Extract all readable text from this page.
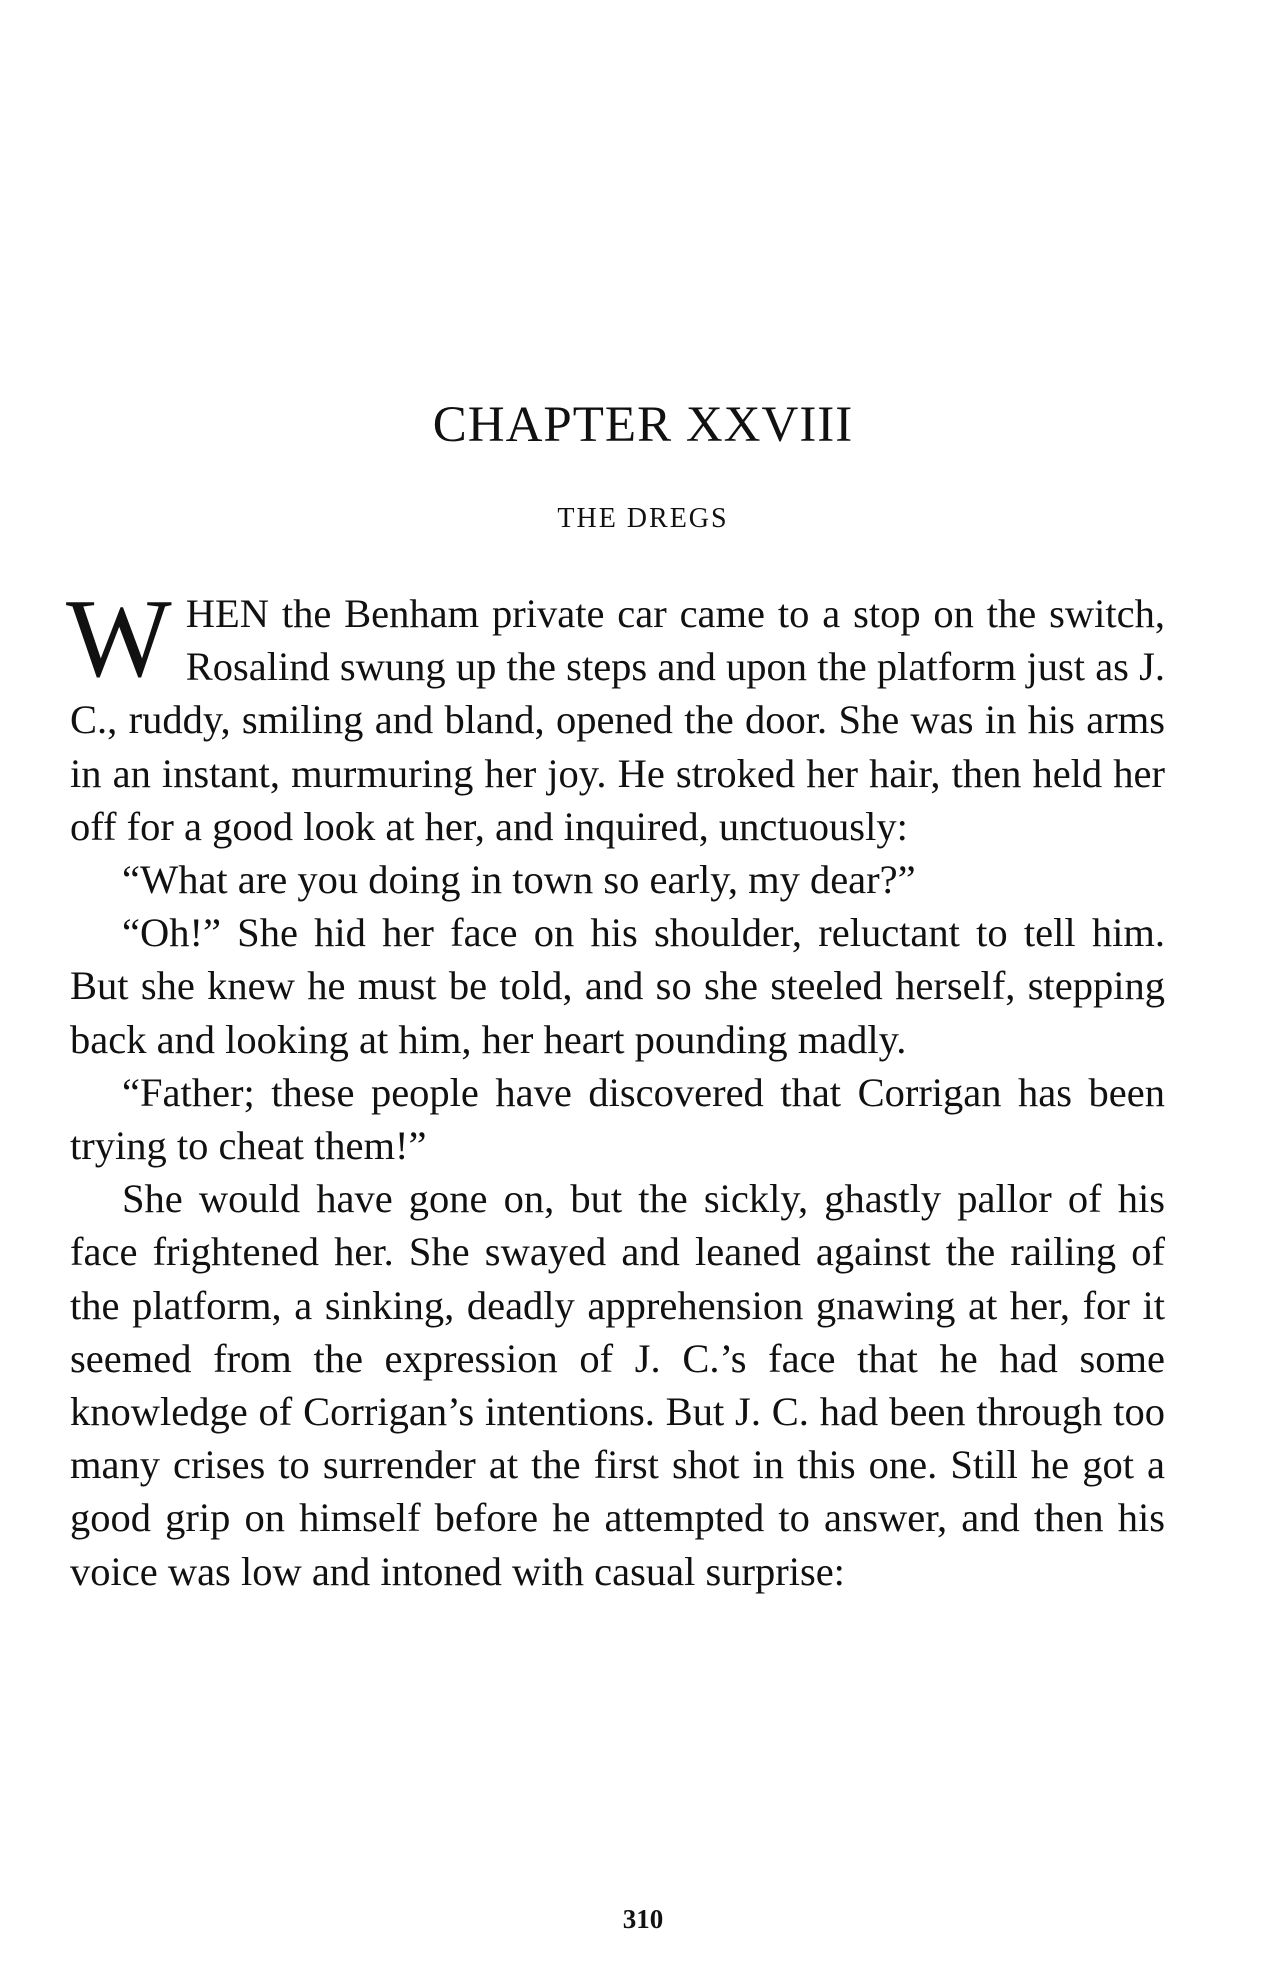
CHAPTER XXVIII
THE DREGS

WHEN the Benham private car came to a stop on the switch, Rosalind swung up the steps and upon the platform just as J. C., ruddy, smiling and bland, opened the door. She was in his arms in an instant, murmuring her joy. He stroked her hair, then held her off for a good look at her, and inquired, unctuously:

“What are you doing in town so early, my dear?”

“Oh!” She hid her face on his shoulder, reluctant to tell him. But she knew he must be told, and so she steeled herself, stepping back and looking at him, her heart pounding madly.

“Father; these people have discovered that Corrigan has been trying to cheat them!”

She would have gone on, but the sickly, ghastly pallor of his face frightened her. She swayed and leaned against the railing of the platform, a sinking, deadly apprehension gnawing at her, for it seemed from the expression of J. C.’s face that he had some knowledge of Corrigan’s intentions. But J. C. had been through too many crises to surrender at the first shot in this one. Still he got a good grip on himself before he attempted to answer, and then his voice was low and intoned with casual surprise:

310
